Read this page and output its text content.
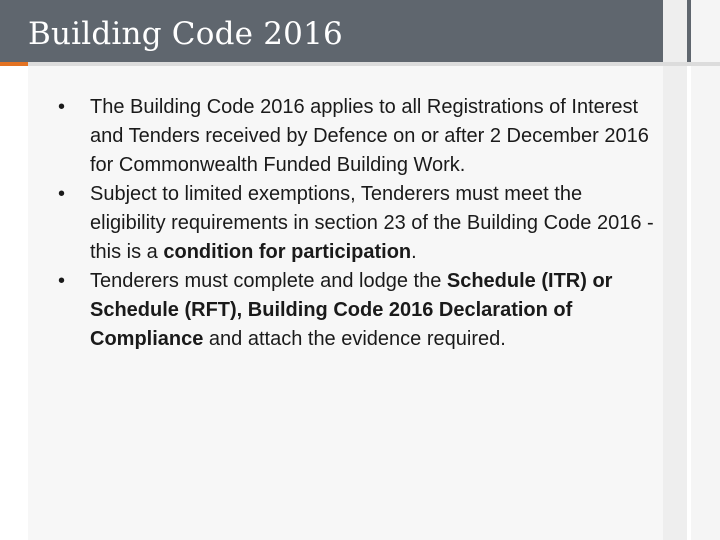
Building Code 2016
• The Building Code 2016 applies to all Registrations of Interest and Tenders received by Defence on or after 2 December 2016 for Commonwealth Funded Building Work.
• Subject to limited exemptions, Tenderers must meet the eligibility requirements in section 23 of the Building Code 2016 - this is a condition for participation.
• Tenderers must complete and lodge the Schedule (ITR) or Schedule (RFT), Building Code 2016 Declaration of Compliance and attach the evidence required.
